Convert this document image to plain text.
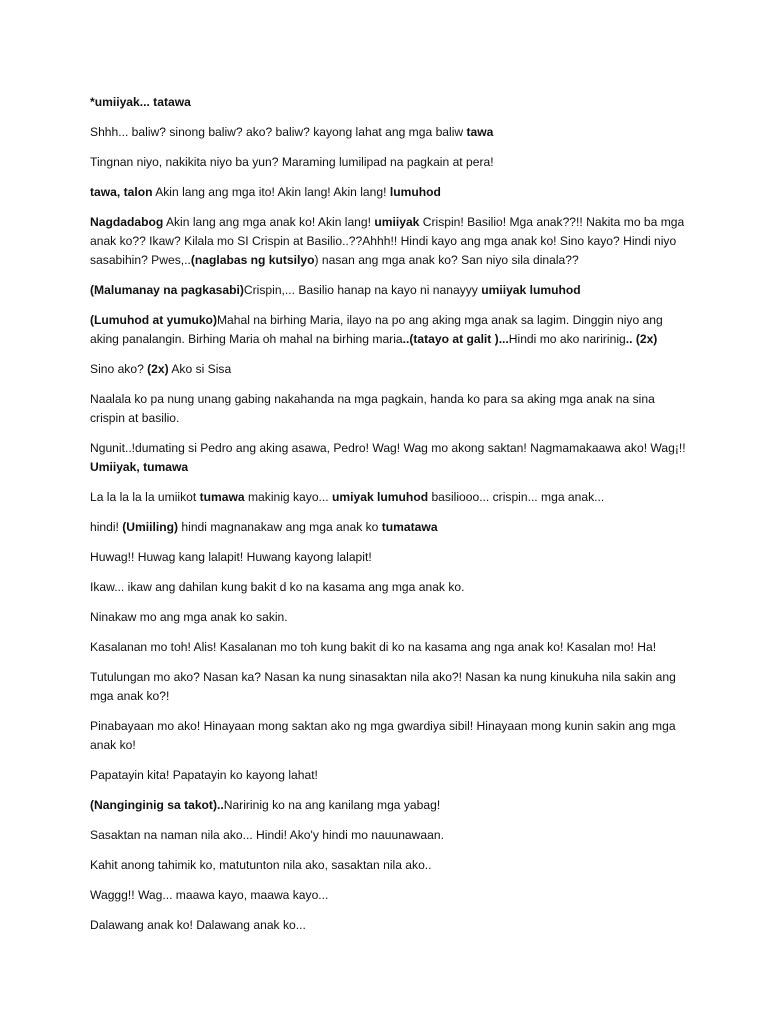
*umiiyak... tatawa

Shhh... baliw? sinong baliw? ako? baliw? kayong lahat ang mga baliw tawa

Tingnan niyo, nakikita niyo ba yun? Maraming lumilipad na pagkain at pera!

tawa, talon Akin lang ang mga ito! Akin lang! Akin lang! lumuhod

Nagdadabog Akin lang ang mga anak ko! Akin lang! umiiyak Crispin! Basilio! Mga anak??!! Nakita mo ba mga anak ko?? Ikaw? Kilala mo SI Crispin at Basilio..??Ahhh!! Hindi kayo ang mga anak ko! Sino kayo? Hindi niyo sasabihin? Pwes,..(naglabas ng kutsilyo) nasan ang mga anak ko? San niyo sila dinala??

(Malumanay na pagkasabi)Crispin,... Basilio hanap na kayo ni nanayyy umiiyak lumuhod

(Lumuhod at yumuko)Mahal na birhing Maria, ilayo na po ang aking mga anak sa lagim. Dinggin niyo ang aking panalangin. Birhing Maria oh mahal na birhing maria..(tatayo at galit )...Hindi mo ako naririnig.. (2x)

Sino ako? (2x) Ako si Sisa

Naalala ko pa nung unang gabing nakahanda na mga pagkain, handa ko para sa aking mga anak na sina crispin at basilio.

Ngunit..!dumating si Pedro ang aking asawa, Pedro! Wag! Wag mo akong saktan! Nagmamakaawa ako! Wag¡!! Umiiyak, tumawa

La la la la la umiikot tumawa makinig kayo... umiyak lumuhod basiliooo... crispin... mga anak...

hindi! (Umiiling) hindi magnanakaw ang mga anak ko tumatawa

Huwag!! Huwag kang lalapit! Huwang kayong lalapit!

Ikaw... ikaw ang dahilan kung bakit d ko na kasama ang mga anak ko.

Ninakaw mo ang mga anak ko sakin.

Kasalanan mo toh! Alis! Kasalanan mo toh kung bakit di ko na kasama ang nga anak ko! Kasalan mo! Ha!

Tutulungan mo ako? Nasan ka? Nasan ka nung sinasaktan nila ako?! Nasan ka nung kinukuha nila sakin ang mga anak ko?!

Pinabayaan mo ako! Hinayaan mong saktan ako ng mga gwardiya sibil! Hinayaan mong kunin sakin ang mga anak ko!

Papatayin kita! Papatayin ko kayong lahat!

(Nanginginig sa takot)..Naririnig ko na ang kanilang mga yabag!

Sasaktan na naman nila ako... Hindi! Ako'y hindi mo nauunawaan.

Kahit anong tahimik ko, matutunton nila ako, sasaktan nila ako..

Waggg!! Wag... maawa kayo, maawa kayo...

Dalawang anak ko! Dalawang anak ko...
